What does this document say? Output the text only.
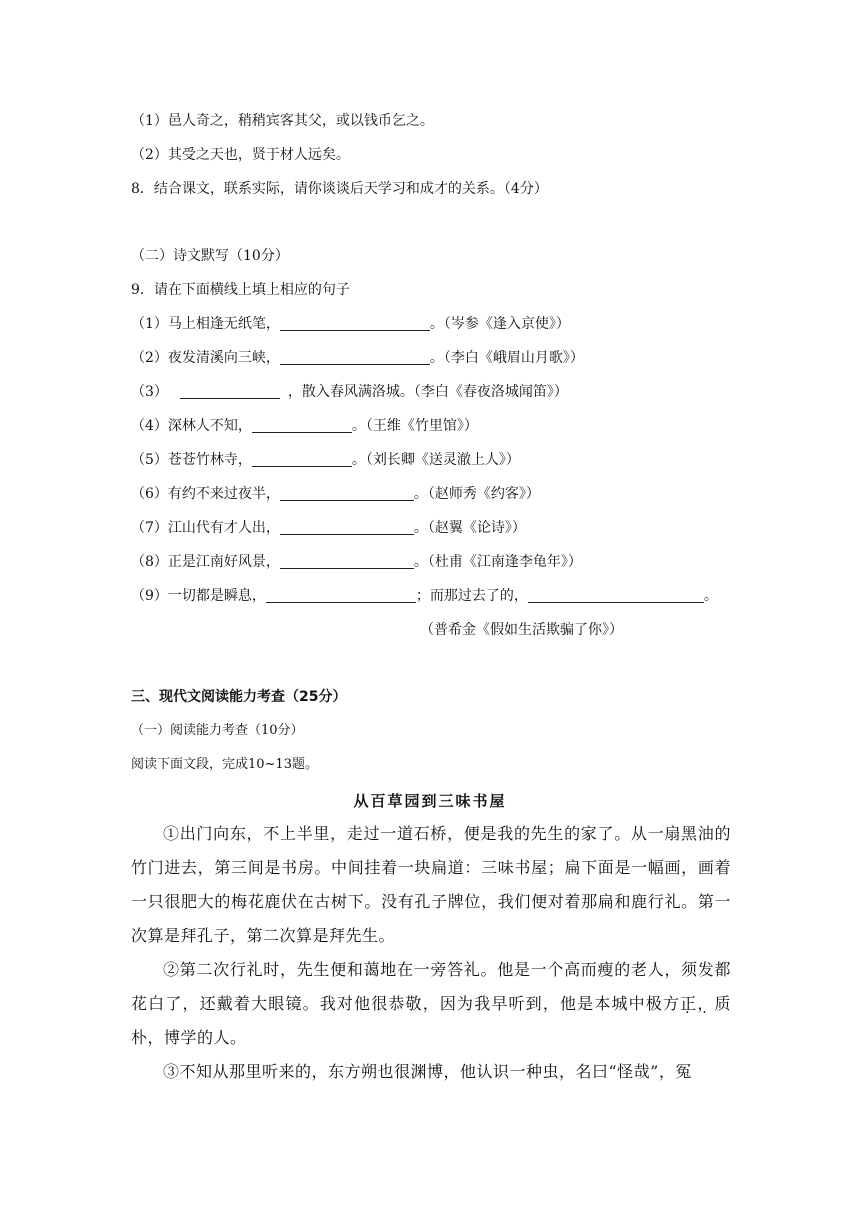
（1）邑人奇之，稍稍宾客其父，或以钱币乞之。
（2）其受之天也，贤于材人远矣。
8．结合课文，联系实际，请你谈谈后天学习和成才的关系。（4分）
（二）诗文默写（10分）
9．请在下面横线上填上相应的句子
（1）马上相逢无纸笔，	。（岑参《逢入京使》）
（2）夜发清溪向三峡，	。（李白《峨眉山月歌》）
（3）	，散入春风满洛城。（李白《春夜洛城闻笛》）
（4）深林人不知，	。（王维《竹里馆》）
（5）苍苍竹林寺，	。（刘长卿《送灵澈上人》）
（6）有约不来过夜半，	。（赵师秀《约客》）
（7）江山代有才人出，	。（赵翼《论诗》）
（8）正是江南好风景，	。（杜甫《江南逢李龟年》）
（9）一切都是瞬息，	；而那过去了的，	。
（普希金《假如生活欺骗了你》）
三、现代文阅读能力考查（25分）
（一）阅读能力考查（10分）
阅读下面文段，完成10~13题。
从百草园到三味书屋

①出门向东，不上半里，走过一道石桥，便是我的先生的家了。从一扇黑油的竹门进去，第三间是书房。中间挂着一块扁道：三味书屋；扁下面是一幅画，画着一只很肥大的梅花鹿伏在古树下。没有孔子牌位，我们便对着那扁和鹿行礼。第一次算是拜孔子，第二次算是拜先生。

②第二次行礼时，先生便和蔼地在一旁答礼。他是一个高而瘦的老人，须发都花白了，还戴着大眼镜。我对他很恭敬，因为我早听到，他是本城中极方正，质朴，博学的人。

③不知从那里听来的，东方朔也很渊博，他认识一种虫，名曰“怪哉”，冤
